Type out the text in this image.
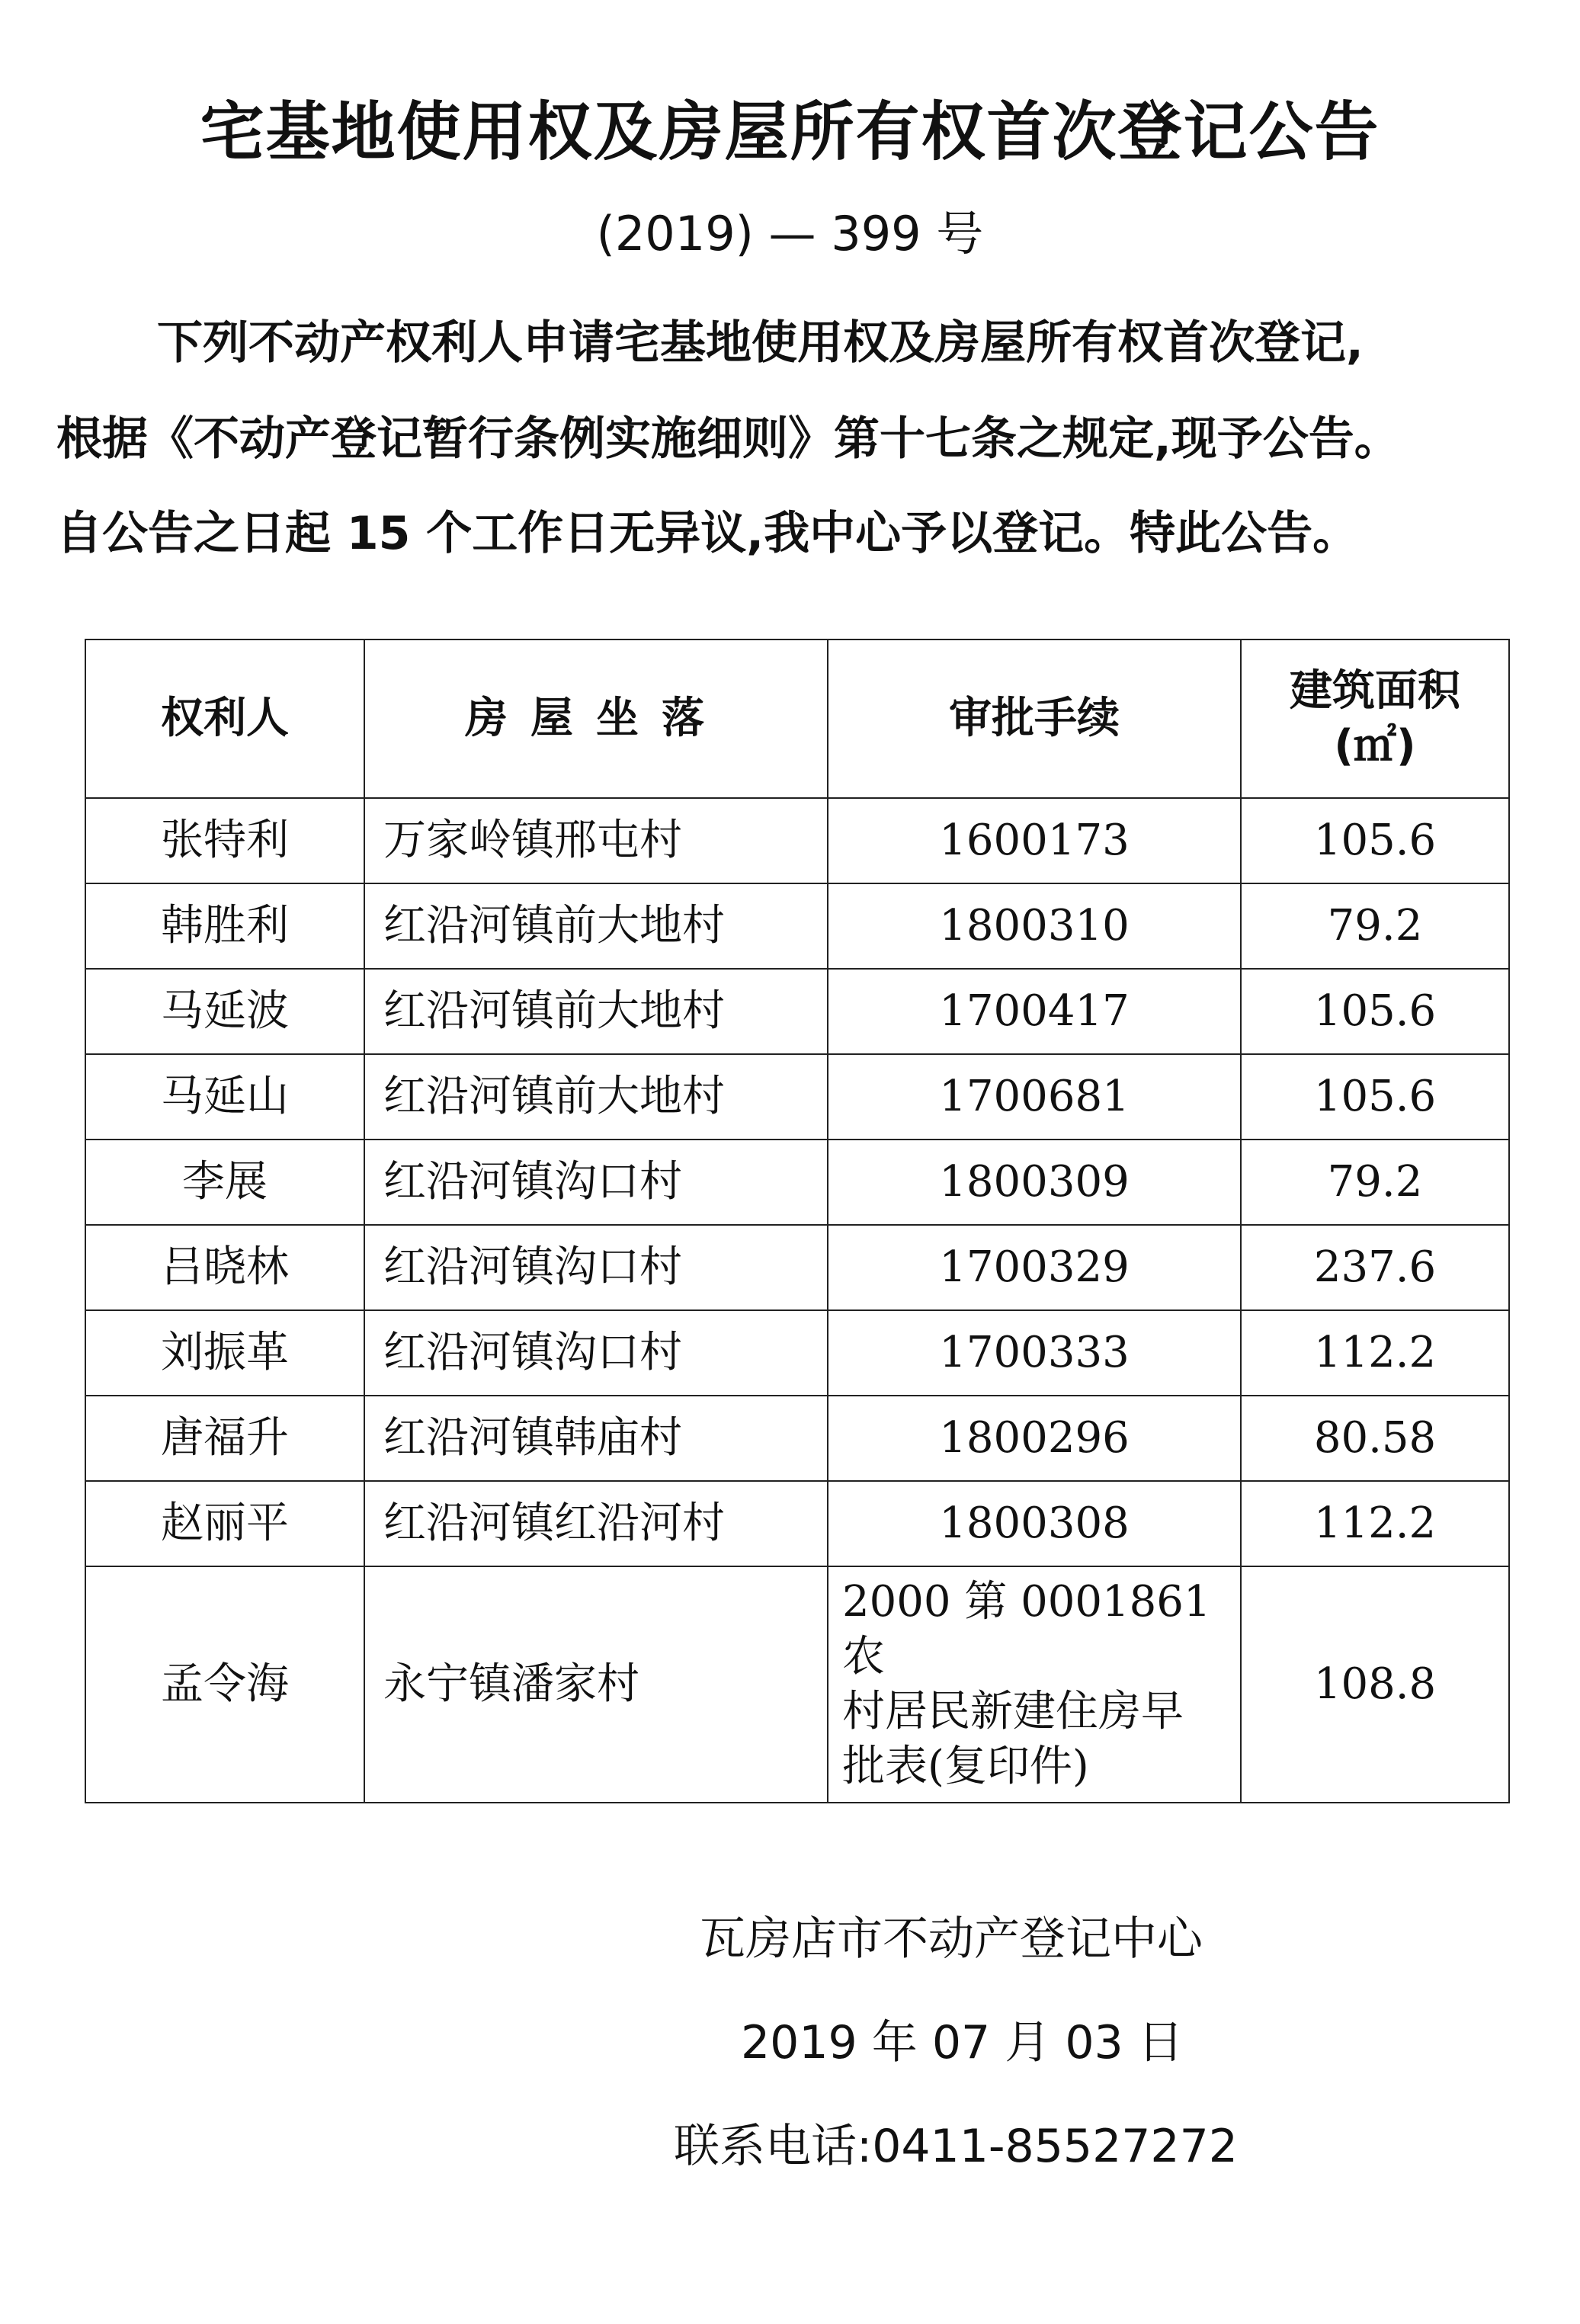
宅基地使用权及房屋所有权首次登记公告
(2019) — 399 号
下列不动产权利人申请宅基地使用权及房屋所有权首次登记,
根据《不动产登记暂行条例实施细则》第十七条之规定,现予公告。
自公告之日起 15 个工作日无异议,我中心予以登记。特此公告。
权利人	房屋坐落	审批手续	建筑面积
(㎡)

张特利	万家岭镇邢屯村	1600173	105.6
韩胜利	红沿河镇前大地村	1800310	79.2
马延波	红沿河镇前大地村	1700417	105.6
马延山	红沿河镇前大地村	1700681	105.6
李展	红沿河镇沟口村	1800309	79.2
吕晓林	红沿河镇沟口村	1700329	237.6
刘振革	红沿河镇沟口村	1700333	112.2
唐福升	红沿河镇韩庙村	1800296	80.58
赵丽平	红沿河镇红沿河村	1800308	112.2
孟令海	永宁镇潘家村	2000 第 0001861 农
村居民新建住房早
批表(复印件)	108.8
瓦房店市不动产登记中心
2019 年 07 月 03 日
联系电话:0411-85527272
